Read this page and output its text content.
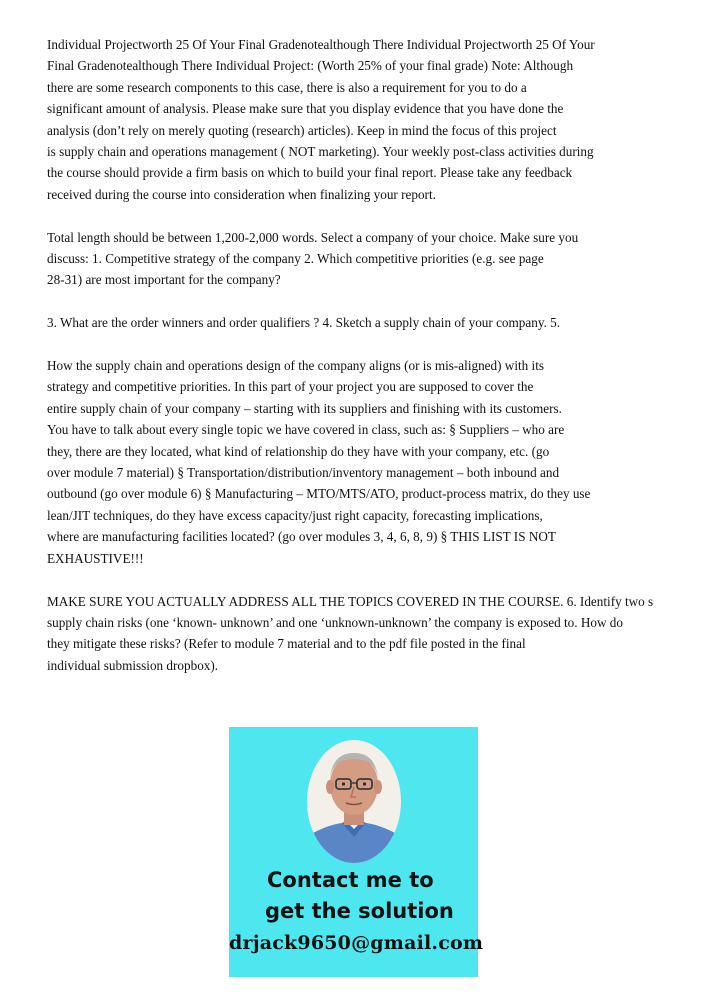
Individual Projectworth 25 Of Your Final Gradenotealthough There Individual Projectworth 25 Of Your
Final Gradenotealthough There Individual Project: (Worth 25% of your final grade) Note: Although
there are some research components to this case, there is also a requirement for you to do a
significant amount of analysis. Please make sure that you display evidence that you have done the
analysis (don’t rely on merely quoting (research) articles). Keep in mind the focus of this project
is supply chain and operations management ( NOT marketing). Your weekly post-class activities during
the course should provide a firm basis on which to build your final report. Please take any feedback
received during the course into consideration when finalizing your report.
Total length should be between 1,200-2,000 words. Select a company of your choice. Make sure you
discuss: 1. Competitive strategy of the company 2. Which competitive priorities (e.g. see page
28-31) are most important for the company?
3. What are the order winners and order qualifiers ? 4. Sketch a supply chain of your company. 5.
How the supply chain and operations design of the company aligns (or is mis-aligned) with its
strategy and competitive priorities. In this part of your project you are supposed to cover the
entire supply chain of your company – starting with its suppliers and finishing with its customers.
You have to talk about every single topic we have covered in class, such as: § Suppliers – who are
they, there are they located, what kind of relationship do they have with your company, etc. (go
over module 7 material) § Transportation/distribution/inventory management – both inbound and
outbound (go over module 6) § Manufacturing – MTO/MTS/ATO, product-process matrix, do they use
lean/JIT techniques, do they have excess capacity/just right capacity, forecasting implications,
where are manufacturing facilities located? (go over modules 3, 4, 6, 8, 9) § THIS LIST IS NOT
EXHAUSTIVE!!!
MAKE SURE YOU ACTUALLY ADDRESS ALL THE TOPICS COVERED IN THE COURSE. 6. Identify two s
supply chain risks (one ‘known- unknown’ and one ‘unknown-unknown’ the company is exposed to. How do
they mitigate these risks? (Refer to module 7 material and to the pdf file posted in the final
individual submission dropbox).
Contact me to
get the solution
drjack9650@gmail.com
